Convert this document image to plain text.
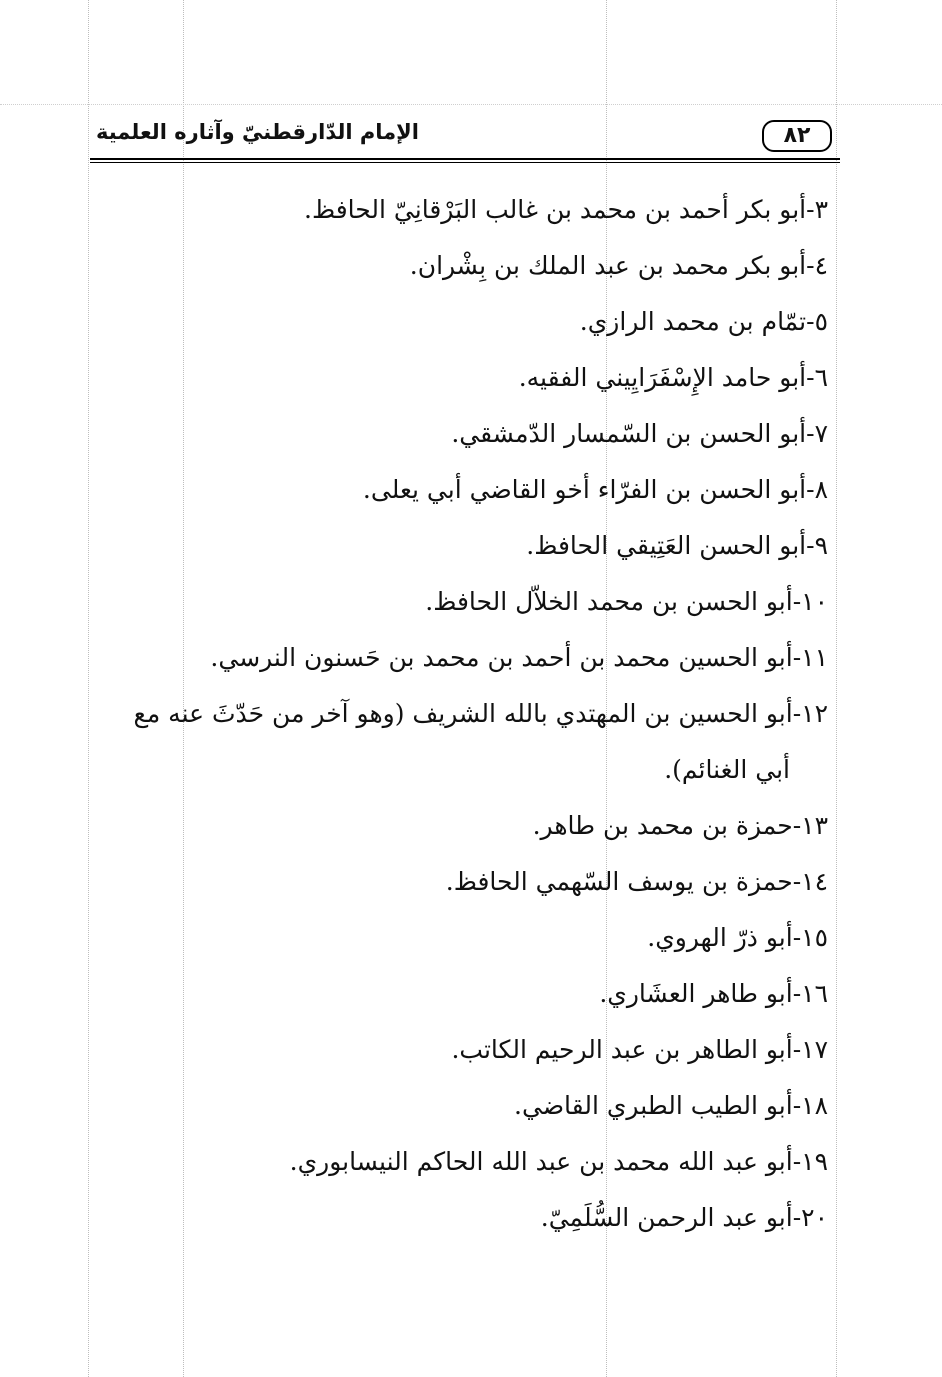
٨٢
الإمام الدّارقطنيّ وآثاره العلمية
٣-أبو بكر أحمد بن محمد بن غالب البَرْقانِيّ الحافظ.
٤-أبو بكر محمد بن عبد الملك بن بِشْران.
٥-تمّام بن محمد الرازي.
٦-أبو حامد الإِسْفَرَايِيني الفقيه.
٧-أبو الحسن بن السّمسار الدّمشقي.
٨-أبو الحسن بن الفرّاء أخو القاضي أبي يعلى.
٩-أبو الحسن العَتِيقي الحافظ.
١٠-أبو الحسن بن محمد الخلاّل الحافظ.
١١-أبو الحسين محمد بن أحمد بن محمد بن حَسنون النرسي.
١٢-أبو الحسين بن المهتدي بالله الشريف (وهو آخر من حَدّثَ عنه مع
أبي الغنائم).
١٣-حمزة بن محمد بن طاهر.
١٤-حمزة بن يوسف السّهمي الحافظ.
١٥-أبو ذرّ الهروي.
١٦-أبو طاهر العشَاري.
١٧-أبو الطاهر بن عبد الرحيم الكاتب.
١٨-أبو الطيب الطبري القاضي.
١٩-أبو عبد الله محمد بن عبد الله الحاكم النيسابوري.
٢٠-أبو عبد الرحمن السُّلَمِيّ.
